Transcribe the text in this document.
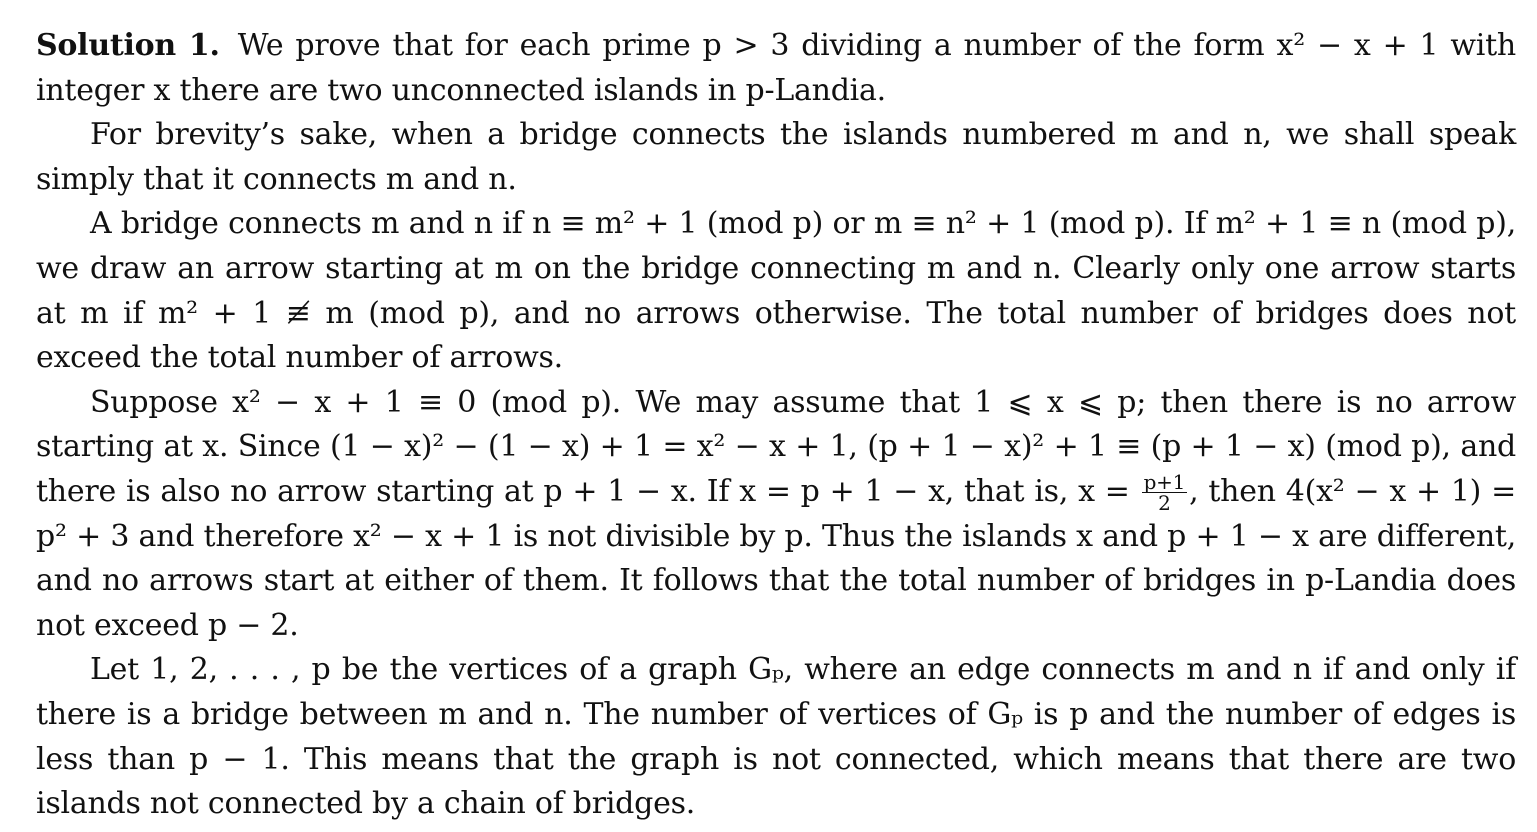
Solution 1. We prove that for each prime p > 3 dividing a number of the form x² − x + 1 with integer x there are two unconnected islands in p-Landia.

For brevity’s sake, when a bridge connects the islands numbered m and n, we shall speak simply that it connects m and n.

A bridge connects m and n if n ≡ m² + 1 (mod p) or m ≡ n² + 1 (mod p). If m² + 1 ≡ n (mod p), we draw an arrow starting at m on the bridge connecting m and n. Clearly only one arrow starts at m if m² + 1 ≢ m (mod p), and no arrows otherwise. The total number of bridges does not exceed the total number of arrows.

Suppose x² − x + 1 ≡ 0 (mod p). We may assume that 1 ⩽ x ⩽ p; then there is no arrow starting at x. Since (1 − x)² − (1 − x) + 1 = x² − x + 1, (p + 1 − x)² + 1 ≡ (p + 1 − x) (mod p), and there is also no arrow starting at p + 1 − x. If x = p + 1 − x, that is, $x = \frac{p+1}{2}$ , then 4(x² − x + 1) = p² + 3 and therefore x² − x + 1 is not divisible by p. Thus the islands x and p + 1 − x are different, and no arrows start at either of them. It follows that the total number of bridges in p-Landia does not exceed p − 2.

Let 1, 2, . . . , p be the vertices of a graph Gₚ, where an edge connects m and n if and only if there is a bridge between m and n. The number of vertices of Gₚ is p and the number of edges is less than p − 1. This means that the graph is not connected, which means that there are two islands not connected by a chain of bridges.
